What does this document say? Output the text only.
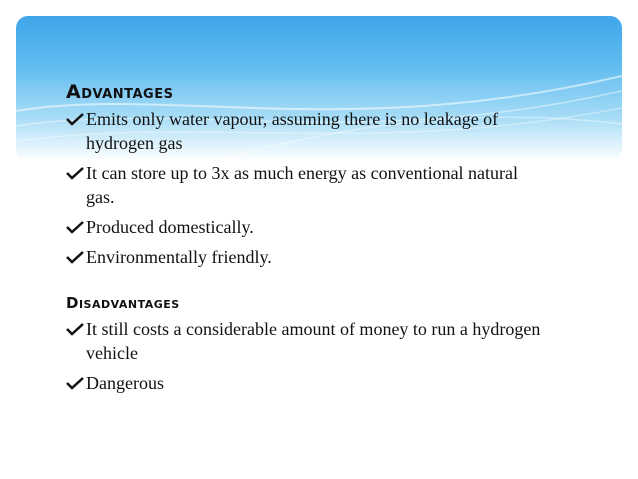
Advantages
Emits only water vapour, assuming there is no leakage of hydrogen gas
It can store up to 3x as much energy as conventional natural gas.
Produced domestically.
Environmentally friendly.
Disadvantages
It still costs a considerable amount of money to run a hydrogen vehicle
Dangerous
